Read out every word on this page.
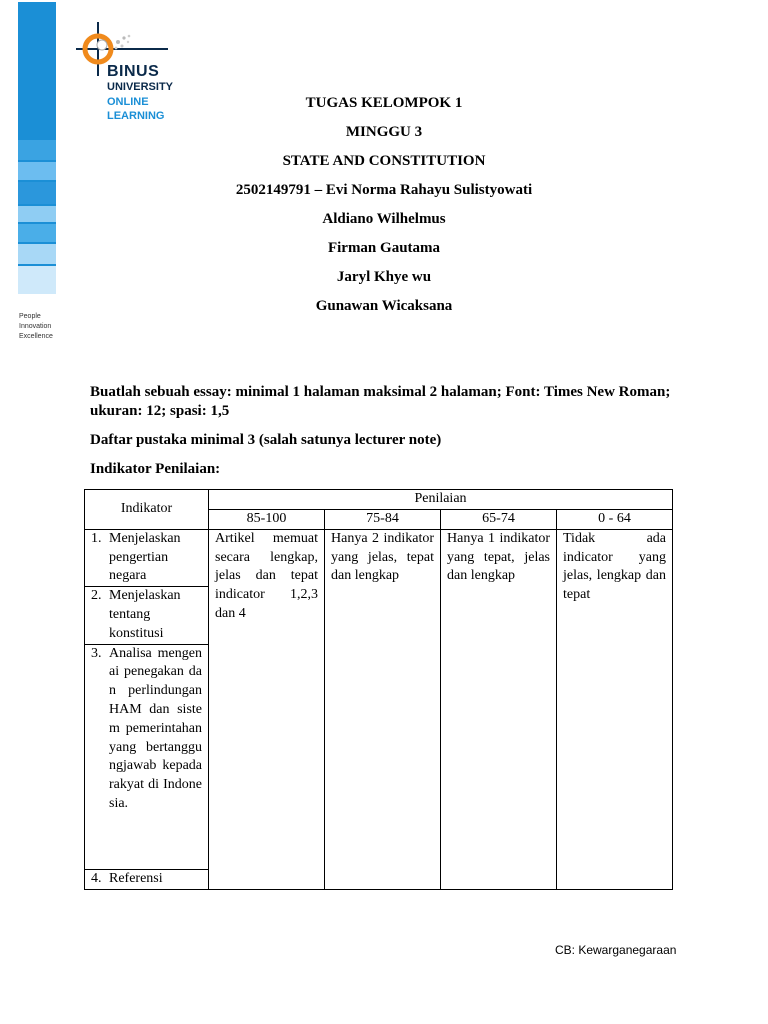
People
Innovation
Excellence
BINUS
UNIVERSITY
ONLINE
LEARNING
TUGAS KELOMPOK 1
MINGGU 3
STATE AND CONSTITUTION
2502149791 – Evi Norma Rahayu Sulistyowati
Aldiano Wilhelmus
Firman Gautama
Jaryl Khye wu
Gunawan Wicaksana
Buatlah sebuah essay: minimal 1 halaman maksimal 2 halaman; Font: Times New Roman; ukuran: 12; spasi: 1,5
Daftar pustaka minimal 3 (salah satunya lecturer note)
Indikator Penilaian:
Indikator	Penilaian			
	85-100	75-84	65-74	0 - 64

1. Menjelaskan pengertian negara	Artikel memuat secara lengkap, jelas dan tepat indicator 1,2,3 dan 4	Hanya 2 indikator yang jelas, tepat dan lengkap	Hanya 1 indikator yang tepat, jelas dan lengkap	Tidak ada indicator yang jelas, lengkap dan tepat

2. Menjelaskan tentang konstitusi				

3. Analisa mengenai penegakan dan perlindungan HAM dan sistem pemerintahan yang bertanggungjawab kepada rakyat di Indonesia.				

4. Referensi				
CB: Kewarganegaraan
